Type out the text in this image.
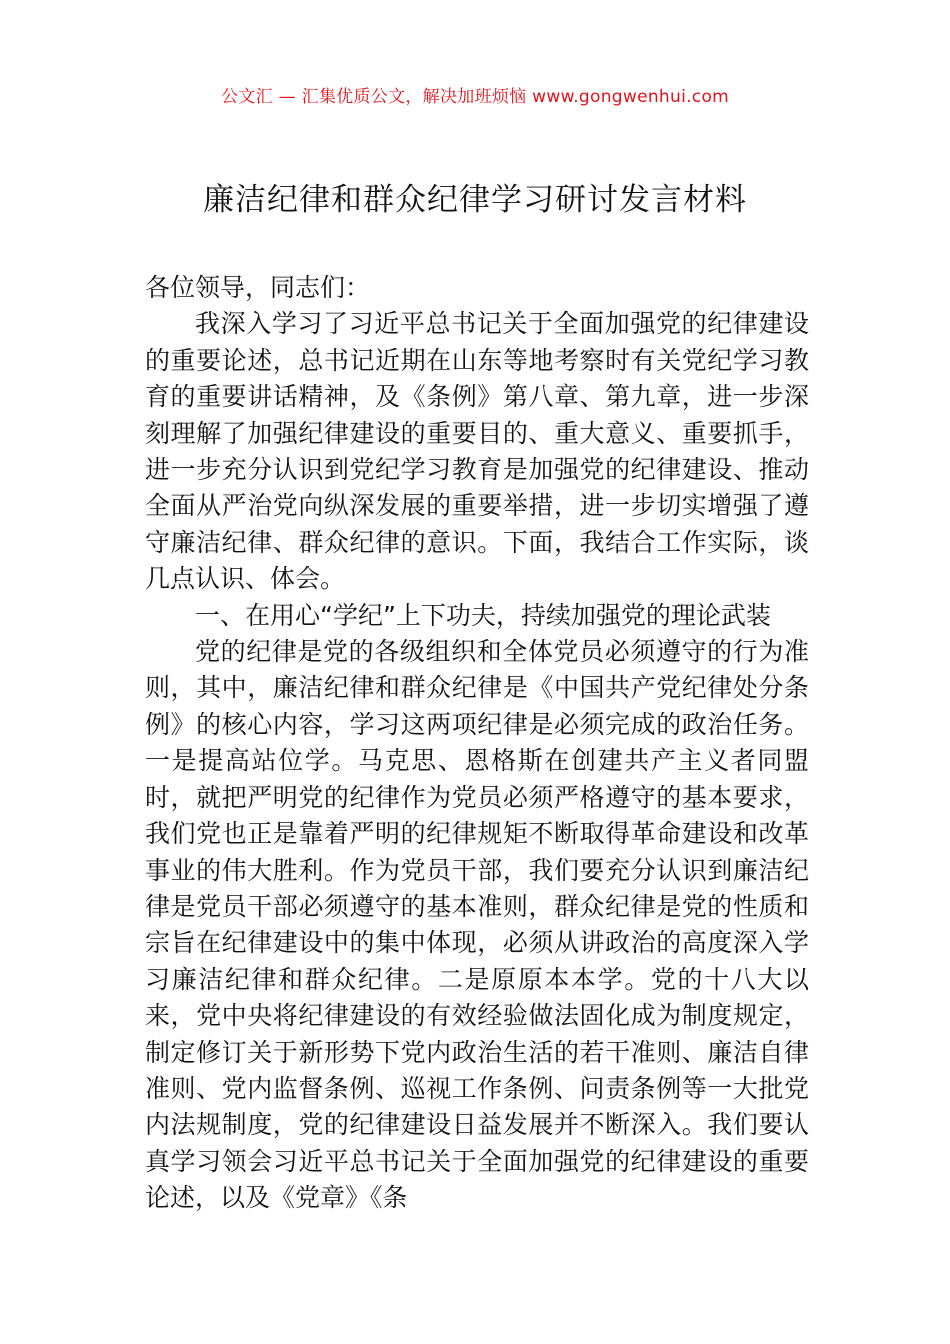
公文汇 — 汇集优质公文，解决加班烦恼 www.gongwenhui.com
廉洁纪律和群众纪律学习研讨发言材料

各位领导，同志们：

我深入学习了习近平总书记关于全面加强党的纪律建设的重要论述，总书记近期在山东等地考察时有关党纪学习教育的重要讲话精神，及《条例》第八章、第九章，进一步深刻理解了加强纪律建设的重要目的、重大意义、重要抓手，进一步充分认识到党纪学习教育是加强党的纪律建设、推动全面从严治党向纵深发展的重要举措，进一步切实增强了遵守廉洁纪律、群众纪律的意识。下面，我结合工作实际，谈几点认识、体会。

一、在用心“学纪”上下功夫，持续加强党的理论武装

党的纪律是党的各级组织和全体党员必须遵守的行为准则，其中，廉洁纪律和群众纪律是《中国共产党纪律处分条例》的核心内容，学习这两项纪律是必须完成的政治任务。一是提高站位学。马克思、恩格斯在创建共产主义者同盟时，就把严明党的纪律作为党员必须严格遵守的基本要求，我们党也正是靠着严明的纪律规矩不断取得革命建设和改革事业的伟大胜利。作为党员干部，我们要充分认识到廉洁纪律是党员干部必须遵守的基本准则，群众纪律是党的性质和宗旨在纪律建设中的集中体现，必须从讲政治的高度深入学习廉洁纪律和群众纪律。二是原原本本学。党的十八大以来，党中央将纪律建设的有效经验做法固化成为制度规定，制定修订关于新形势下党内政治生活的若干准则、廉洁自律准则、党内监督条例、巡视工作条例、问责条例等一大批党内法规制度，党的纪律建设日益发展并不断深入。我们要认真学习领会习近平总书记关于全面加强党的纪律建设的重要论述，以及《党章》《条
